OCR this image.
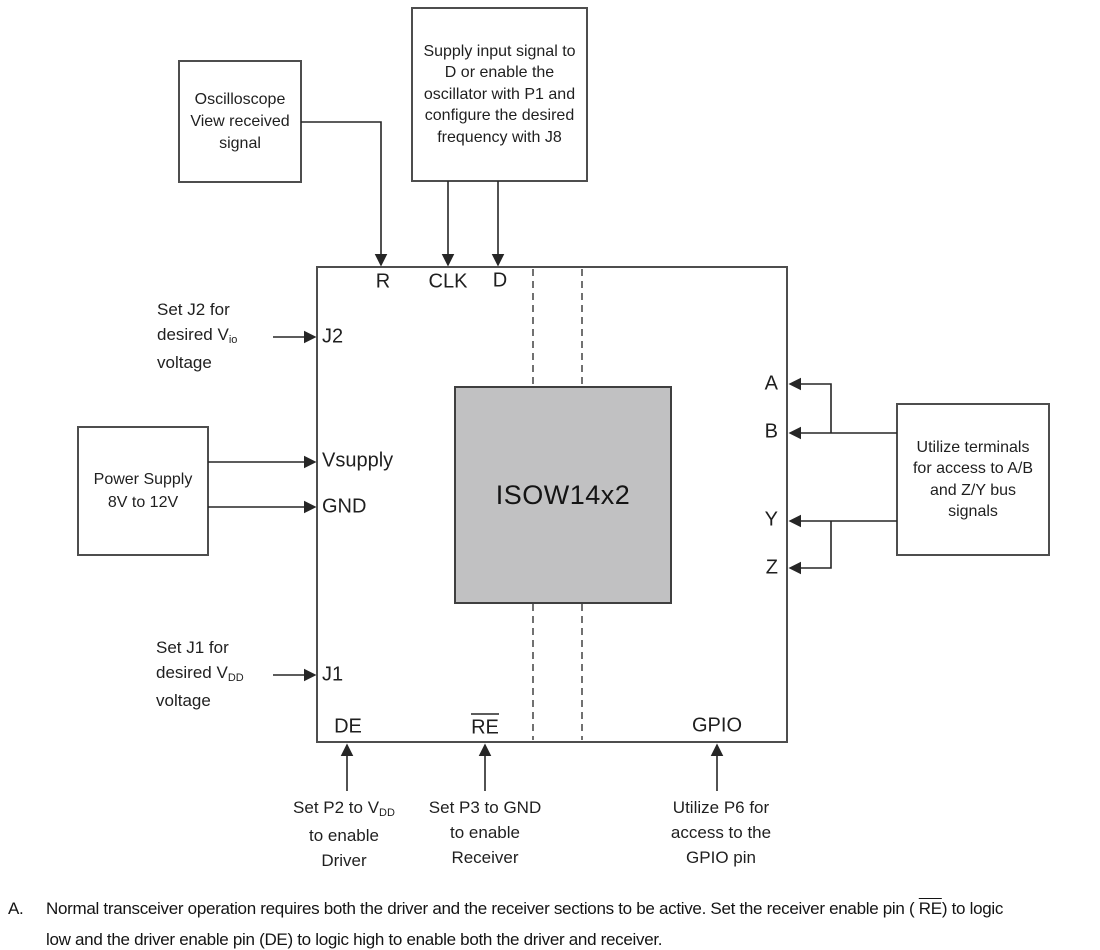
R CLK D
J2
Vsupply
GND
J1
DE	RE	GPIO
A
B
Y
Z
ISOW14x2
Oscilloscope
View received
signal
Supply input signal to
D or enable the
oscillator with P1 and
configure the desired
frequency with J8
Power Supply
8V to 12V
Utilize terminals
for access to A/B
and Z/Y bus
signals
Set J2 for
desired Vio
voltage
Set J1 for
desired VDD
voltage
Set P2 to VDD
to enable
Driver
Set P3 to GND
to enable
Receiver
Utilize P6 for
access to the
GPIO pin
A.	Normal transceiver operation requires both the driver and the receiver sections to be active. Set the receiver enable pin ( $\overline{RE}$) to logic
low and the driver enable pin (DE) to logic high to enable both the driver and receiver.
